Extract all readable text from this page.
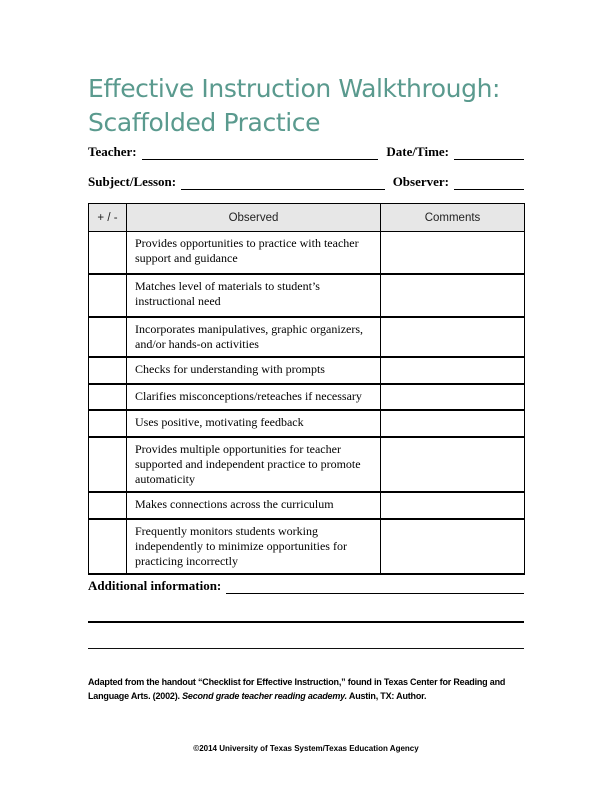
Effective Instruction Walkthrough:
Scaffolded Practice
Teacher:	Date/Time:
Subject/Lesson:	Observer:
+ / -	Observed	Comments
	Provides opportunities to practice with teacher support and guidance	
	Matches level of materials to student’s instructional need	
	Incorporates manipulatives, graphic organizers, and/or hands-on activities	
	Checks for understanding with prompts	
	Clarifies misconceptions/reteaches if necessary	
	Uses positive, motivating feedback	
	Provides multiple opportunities for teacher supported and independent practice to promote automaticity	
	Makes connections across the curriculum	
	Frequently monitors students working independently to minimize opportunities for practicing incorrectly	
Additional information:
Adapted from the handout “Checklist for Effective Instruction,” found in Texas Center for Reading and Language Arts. (2002). Second grade teacher reading academy. Austin, TX: Author.
©2014 University of Texas System/Texas Education Agency
